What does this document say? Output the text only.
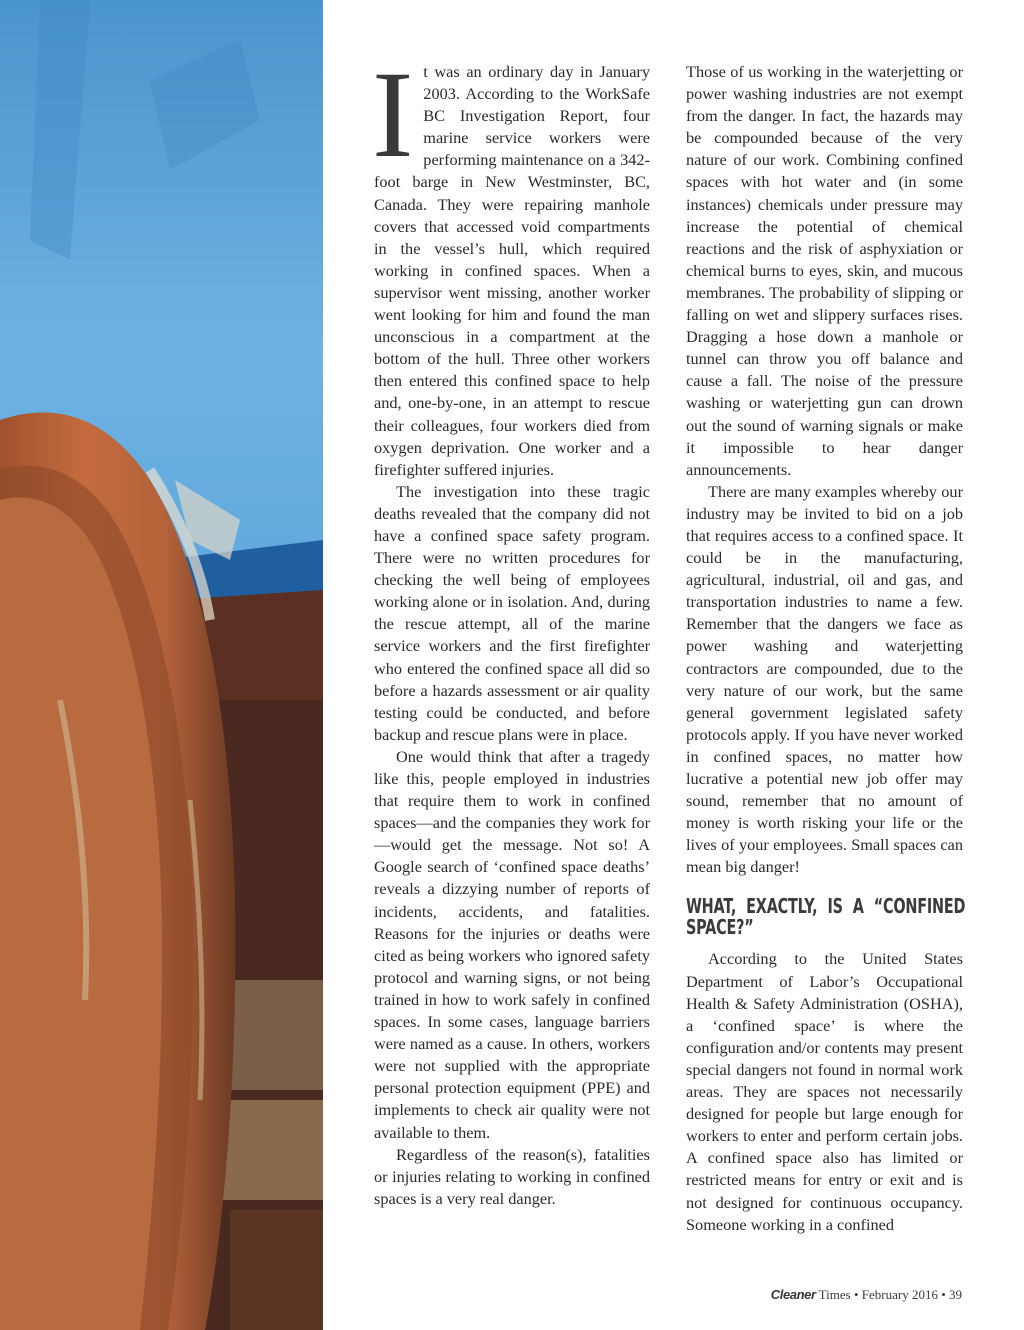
It was an ordinary day in January 2003. According to the WorkSafe BC Investigation Report, four marine service workers were performing maintenance on a 342-foot barge in New Westminster, BC, Canada. They were repairing manhole covers that accessed void compartments in the vessel’s hull, which required working in confined spaces. When a supervisor went missing, another worker went looking for him and found the man unconscious in a compartment at the bottom of the hull. Three other workers then entered this confined space to help and, one-by-one, in an attempt to rescue their colleagues, four workers died from oxygen deprivation. One worker and a firefighter suffered injuries.

The investigation into these tragic deaths revealed that the company did not have a confined space safety program. There were no written procedures for checking the well being of employees working alone or in isolation. And, during the rescue attempt, all of the marine service workers and the first firefighter who entered the confined space all did so before a hazards assessment or air quality testing could be conducted, and before backup and rescue plans were in place.

One would think that after a tragedy like this, people employed in industries that require them to work in confined spaces—and the companies they work for—would get the message. Not so! A Google search of ‘confined space deaths’ reveals a dizzying number of reports of incidents, accidents, and fatalities. Reasons for the injuries or deaths were cited as being workers who ignored safety protocol and warning signs, or not being trained in how to work safely in confined spaces. In some cases, language barriers were named as a cause. In others, workers were not supplied with the appropriate personal protection equipment (PPE) and implements to check air quality were not available to them.

Regardless of the reason(s), fatalities or injuries relating to working in confined spaces is a very real danger.

Those of us working in the waterjetting or power washing industries are not exempt from the danger. In fact, the hazards may be compounded because of the very nature of our work. Combining confined spaces with hot water and (in some instances) chemicals under pressure may increase the potential of chemical reactions and the risk of asphyxiation or chemical burns to eyes, skin, and mucous membranes. The probability of slipping or falling on wet and slippery surfaces rises. Dragging a hose down a manhole or tunnel can throw you off balance and cause a fall. The noise of the pressure washing or waterjetting gun can drown out the sound of warning signals or make it impossible to hear danger announcements.

There are many examples whereby our industry may be invited to bid on a job that requires access to a confined space. It could be in the manufacturing, agricultural, industrial, oil and gas, and transportation industries to name a few. Remember that the dangers we face as power washing and waterjetting contractors are compounded, due to the very nature of our work, but the same general government legislated safety protocols apply. If you have never worked in confined spaces, no matter how lucrative a potential new job offer may sound, remember that no amount of money is worth risking your life or the lives of your employees. Small spaces can mean big danger!

WHAT, EXACTLY, IS A “CONFINED SPACE?”

According to the United States Department of Labor’s Occupational Health & Safety Administration (OSHA), a ‘confined space’ is where the configuration and/or contents may present special dangers not found in normal work areas. They are spaces not necessarily designed for people but large enough for workers to enter and perform certain jobs. A confined space also has limited or restricted means for entry or exit and is not designed for continuous occupancy. Someone working in a confined

Cleaner Times • February 2016 • 39
